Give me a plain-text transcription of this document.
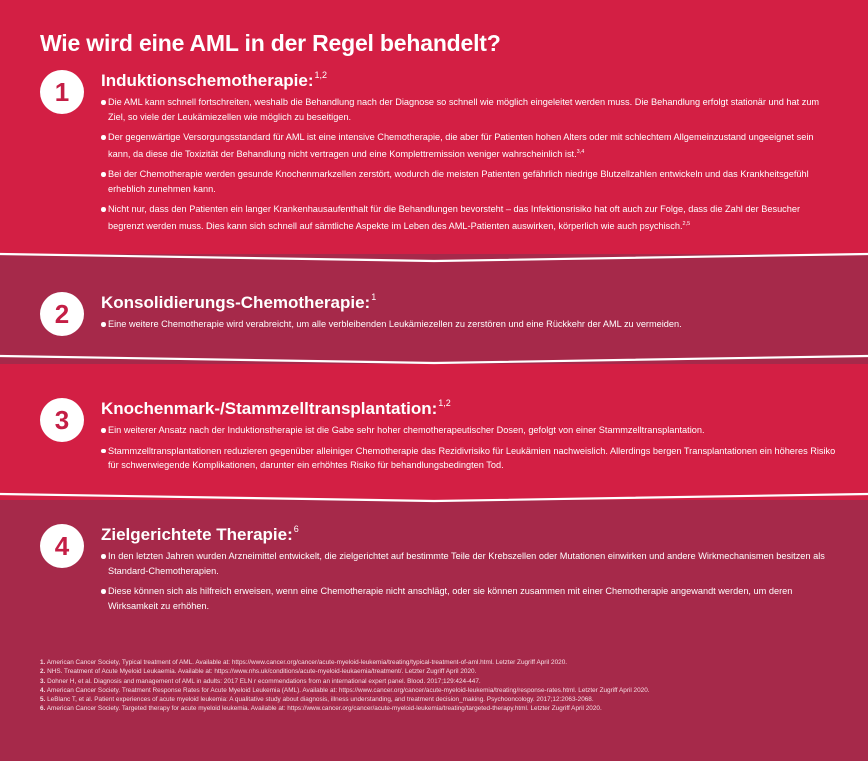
Wie wird eine AML in der Regel behandelt?
1	Induktionschemotherapie:$^{1,2}$
Die AML kann schnell fortschreiten, weshalb die Behandlung nach der Diagnose so schnell wie möglich eingeleitet werden muss. Die Behandlung erfolgt stationär und hat zum Ziel, so viele der Leukämiezellen wie möglich zu beseitigen.
Der gegenwärtige Versorgungsstandard für AML ist eine intensive Chemotherapie, die aber für Patienten hohen Alters oder mit schlechtem Allgemeinzustand ungeeignet sein kann, da diese die Toxizität der Behandlung nicht vertragen und eine Komplettremission weniger wahrscheinlich ist.$^{3,4}$
Bei der Chemotherapie werden gesunde Knochenmarkzellen zerstört, wodurch die meisten Patienten gefährlich niedrige Blutzellzahlen entwickeln und das Krankheitsgefühl erheblich zunehmen kann.
Nicht nur, dass den Patienten ein langer Krankenhausaufenthalt für die Behandlungen bevorsteht – das Infektionsrisiko hat oft auch zur Folge, dass die Zahl der Besucher begrenzt werden muss. Dies kann sich schnell auf sämtliche Aspekte im Leben des AML-Patienten auswirken, körperlich wie auch psychisch.$^{2,5}$
2	Konsolidierungs-Chemotherapie:$^1$
Eine weitere Chemotherapie wird verabreicht, um alle verbleibenden Leukämiezellen zu zerstören und eine Rückkehr der AML zu vermeiden.
3	Knochenmark-/Stammzelltransplantation:$^{1,2}$
Ein weiterer Ansatz nach der Induktionstherapie ist die Gabe sehr hoher chemotherapeutischer Dosen, gefolgt von einer Stammzelltransplantation.
Stammzelltransplantationen reduzieren gegenüber alleiniger Chemotherapie das Rezidivrisiko für Leukämien nachweislich. Allerdings bergen Transplantationen ein höheres Risiko für schwerwiegende Komplikationen, darunter ein erhöhtes Risiko für behandlungsbedingten Tod.
4	Zielgerichtete Therapie:$^6$
In den letzten Jahren wurden Arzneimittel entwickelt, die zielgerichtet auf bestimmte Teile der Krebszellen oder Mutationen einwirken und andere Wirkmechanismen besitzen als Standard-Chemotherapien.
Diese können sich als hilfreich erweisen, wenn eine Chemotherapie nicht anschlägt, oder sie können zusammen mit einer Chemotherapie angewandt werden, um deren Wirksamkeit zu erhöhen.
1. American Cancer Society, Typical treatment of AML. Available at: https://www.cancer.org/cancer/acute-myeloid-leukemia/treating/typical-treatment-of-aml.html. Letzter Zugriff April 2020.
2. NHS. Treatment of Acute Myeloid Leukaemia. Available at: https://www.nhs.uk/conditions/acute-myeloid-leukaemia/treatment/. Letzter Zugriff April 2020.
3. Dohner H, et al. Diagnosis and management of AML in adults: 2017 ELN r ecommendations from an international expert panel. Blood. 2017;129:424-447.
4. American Cancer Society. Treatment Response Rates for Acute Myeloid Leukemia (AML). Available at: https://www.cancer.org/cancer/acute-myeloid-leukemia/treating/response-rates.html. Letzter Zugriff April 2020.
5. LeBlanc T, et al. Patient experiences of acute myeloid leukemia: A qualitative study about diagnosis, illness understanding, and treatment decision_making. Psychooncology. 2017;12:2063-2068.
6. American Cancer Society. Targeted therapy for acute myeloid leukemia. Available at: https://www.cancer.org/cancer/acute-myeloid-leukemia/treating/targeted-therapy.html. Letzter Zugriff April 2020.
